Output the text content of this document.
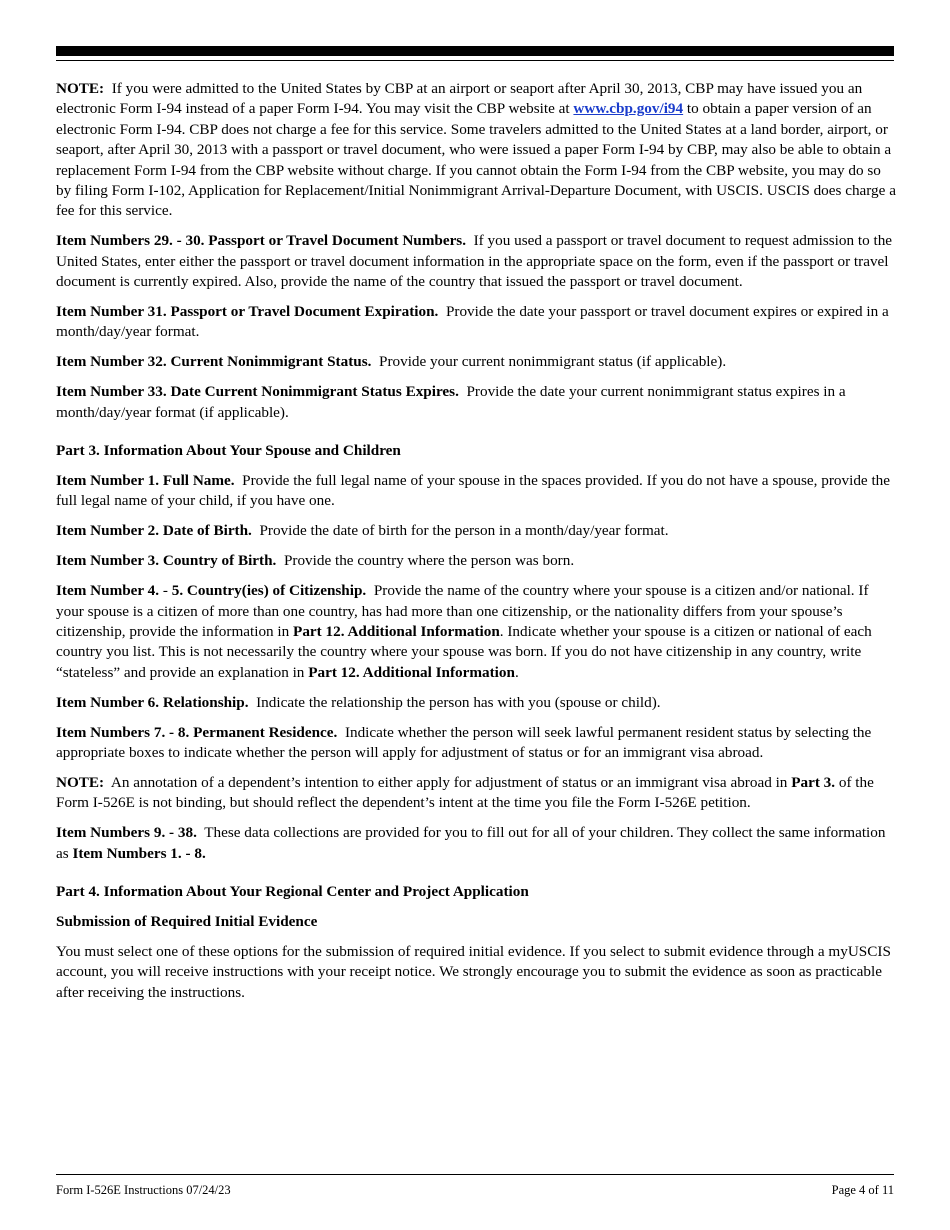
NOTE: If you were admitted to the United States by CBP at an airport or seaport after April 30, 2013, CBP may have issued you an electronic Form I-94 instead of a paper Form I-94. You may visit the CBP website at www.cbp.gov/i94 to obtain a paper version of an electronic Form I-94. CBP does not charge a fee for this service. Some travelers admitted to the United States at a land border, airport, or seaport, after April 30, 2013 with a passport or travel document, who were issued a paper Form I-94 by CBP, may also be able to obtain a replacement Form I-94 from the CBP website without charge. If you cannot obtain the Form I-94 from the CBP website, you may do so by filing Form I-102, Application for Replacement/Initial Nonimmigrant Arrival-Departure Document, with USCIS. USCIS does charge a fee for this service.

Item Numbers 29. - 30. Passport or Travel Document Numbers. If you used a passport or travel document to request admission to the United States, enter either the passport or travel document information in the appropriate space on the form, even if the passport or travel document is currently expired. Also, provide the name of the country that issued the passport or travel document.

Item Number 31. Passport or Travel Document Expiration. Provide the date your passport or travel document expires or expired in a month/day/year format.

Item Number 32. Current Nonimmigrant Status. Provide your current nonimmigrant status (if applicable).

Item Number 33. Date Current Nonimmigrant Status Expires. Provide the date your current nonimmigrant status expires in a month/day/year format (if applicable).

Part 3. Information About Your Spouse and Children

Item Number 1. Full Name. Provide the full legal name of your spouse in the spaces provided. If you do not have a spouse, provide the full legal name of your child, if you have one.

Item Number 2. Date of Birth. Provide the date of birth for the person in a month/day/year format.

Item Number 3. Country of Birth. Provide the country where the person was born.

Item Number 4. - 5. Country(ies) of Citizenship. Provide the name of the country where your spouse is a citizen and/or national. If your spouse is a citizen of more than one country, has had more than one citizenship, or the nationality differs from your spouse’s citizenship, provide the information in Part 12. Additional Information. Indicate whether your spouse is a citizen or national of each country you list. This is not necessarily the country where your spouse was born. If you do not have citizenship in any country, write “stateless” and provide an explanation in Part 12. Additional Information.

Item Number 6. Relationship. Indicate the relationship the person has with you (spouse or child).

Item Numbers 7. - 8. Permanent Residence. Indicate whether the person will seek lawful permanent resident status by selecting the appropriate boxes to indicate whether the person will apply for adjustment of status or for an immigrant visa abroad.

NOTE: An annotation of a dependent’s intention to either apply for adjustment of status or an immigrant visa abroad in Part 3. of the Form I-526E is not binding, but should reflect the dependent’s intent at the time you file the Form I-526E petition.

Item Numbers 9. - 38. These data collections are provided for you to fill out for all of your children. They collect the same information as Item Numbers 1. - 8.

Part 4. Information About Your Regional Center and Project Application

Submission of Required Initial Evidence

You must select one of these options for the submission of required initial evidence. If you select to submit evidence through a myUSCIS account, you will receive instructions with your receipt notice. We strongly encourage you to submit the evidence as soon as practicable after receiving the instructions.

Form I-526E Instructions 07/24/23	Page 4 of 11
